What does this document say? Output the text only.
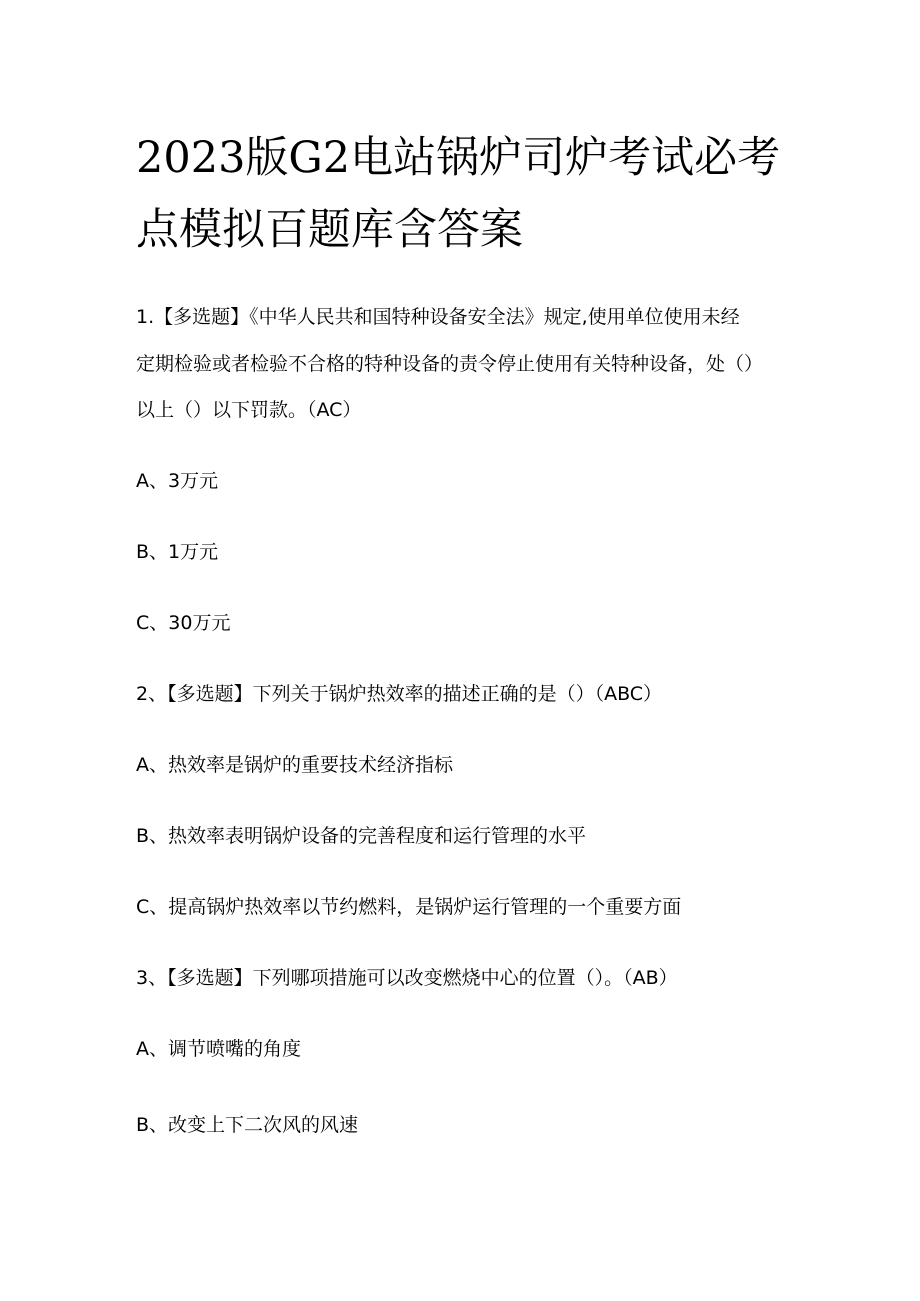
2023版G2电站锅炉司炉考试必考
点模拟百题库含答案
1.【多选题】《中华人民共和国特种设备安全法》规定,使用单位使用未经
定期检验或者检验不合格的特种设备的责令停止使用有关特种设备，处（）
以上（）以下罚款。（AC）
A、3万元
B、1万元
C、30万元
2、【多选题】下列关于锅炉热效率的描述正确的是（）（ABC）
A、热效率是锅炉的重要技术经济指标
B、热效率表明锅炉设备的完善程度和运行管理的水平
C、提高锅炉热效率以节约燃料，是锅炉运行管理的一个重要方面
3、【多选题】下列哪项措施可以改变燃烧中心的位置（）。（AB）
A、调节喷嘴的角度
B、改变上下二次风的风速
